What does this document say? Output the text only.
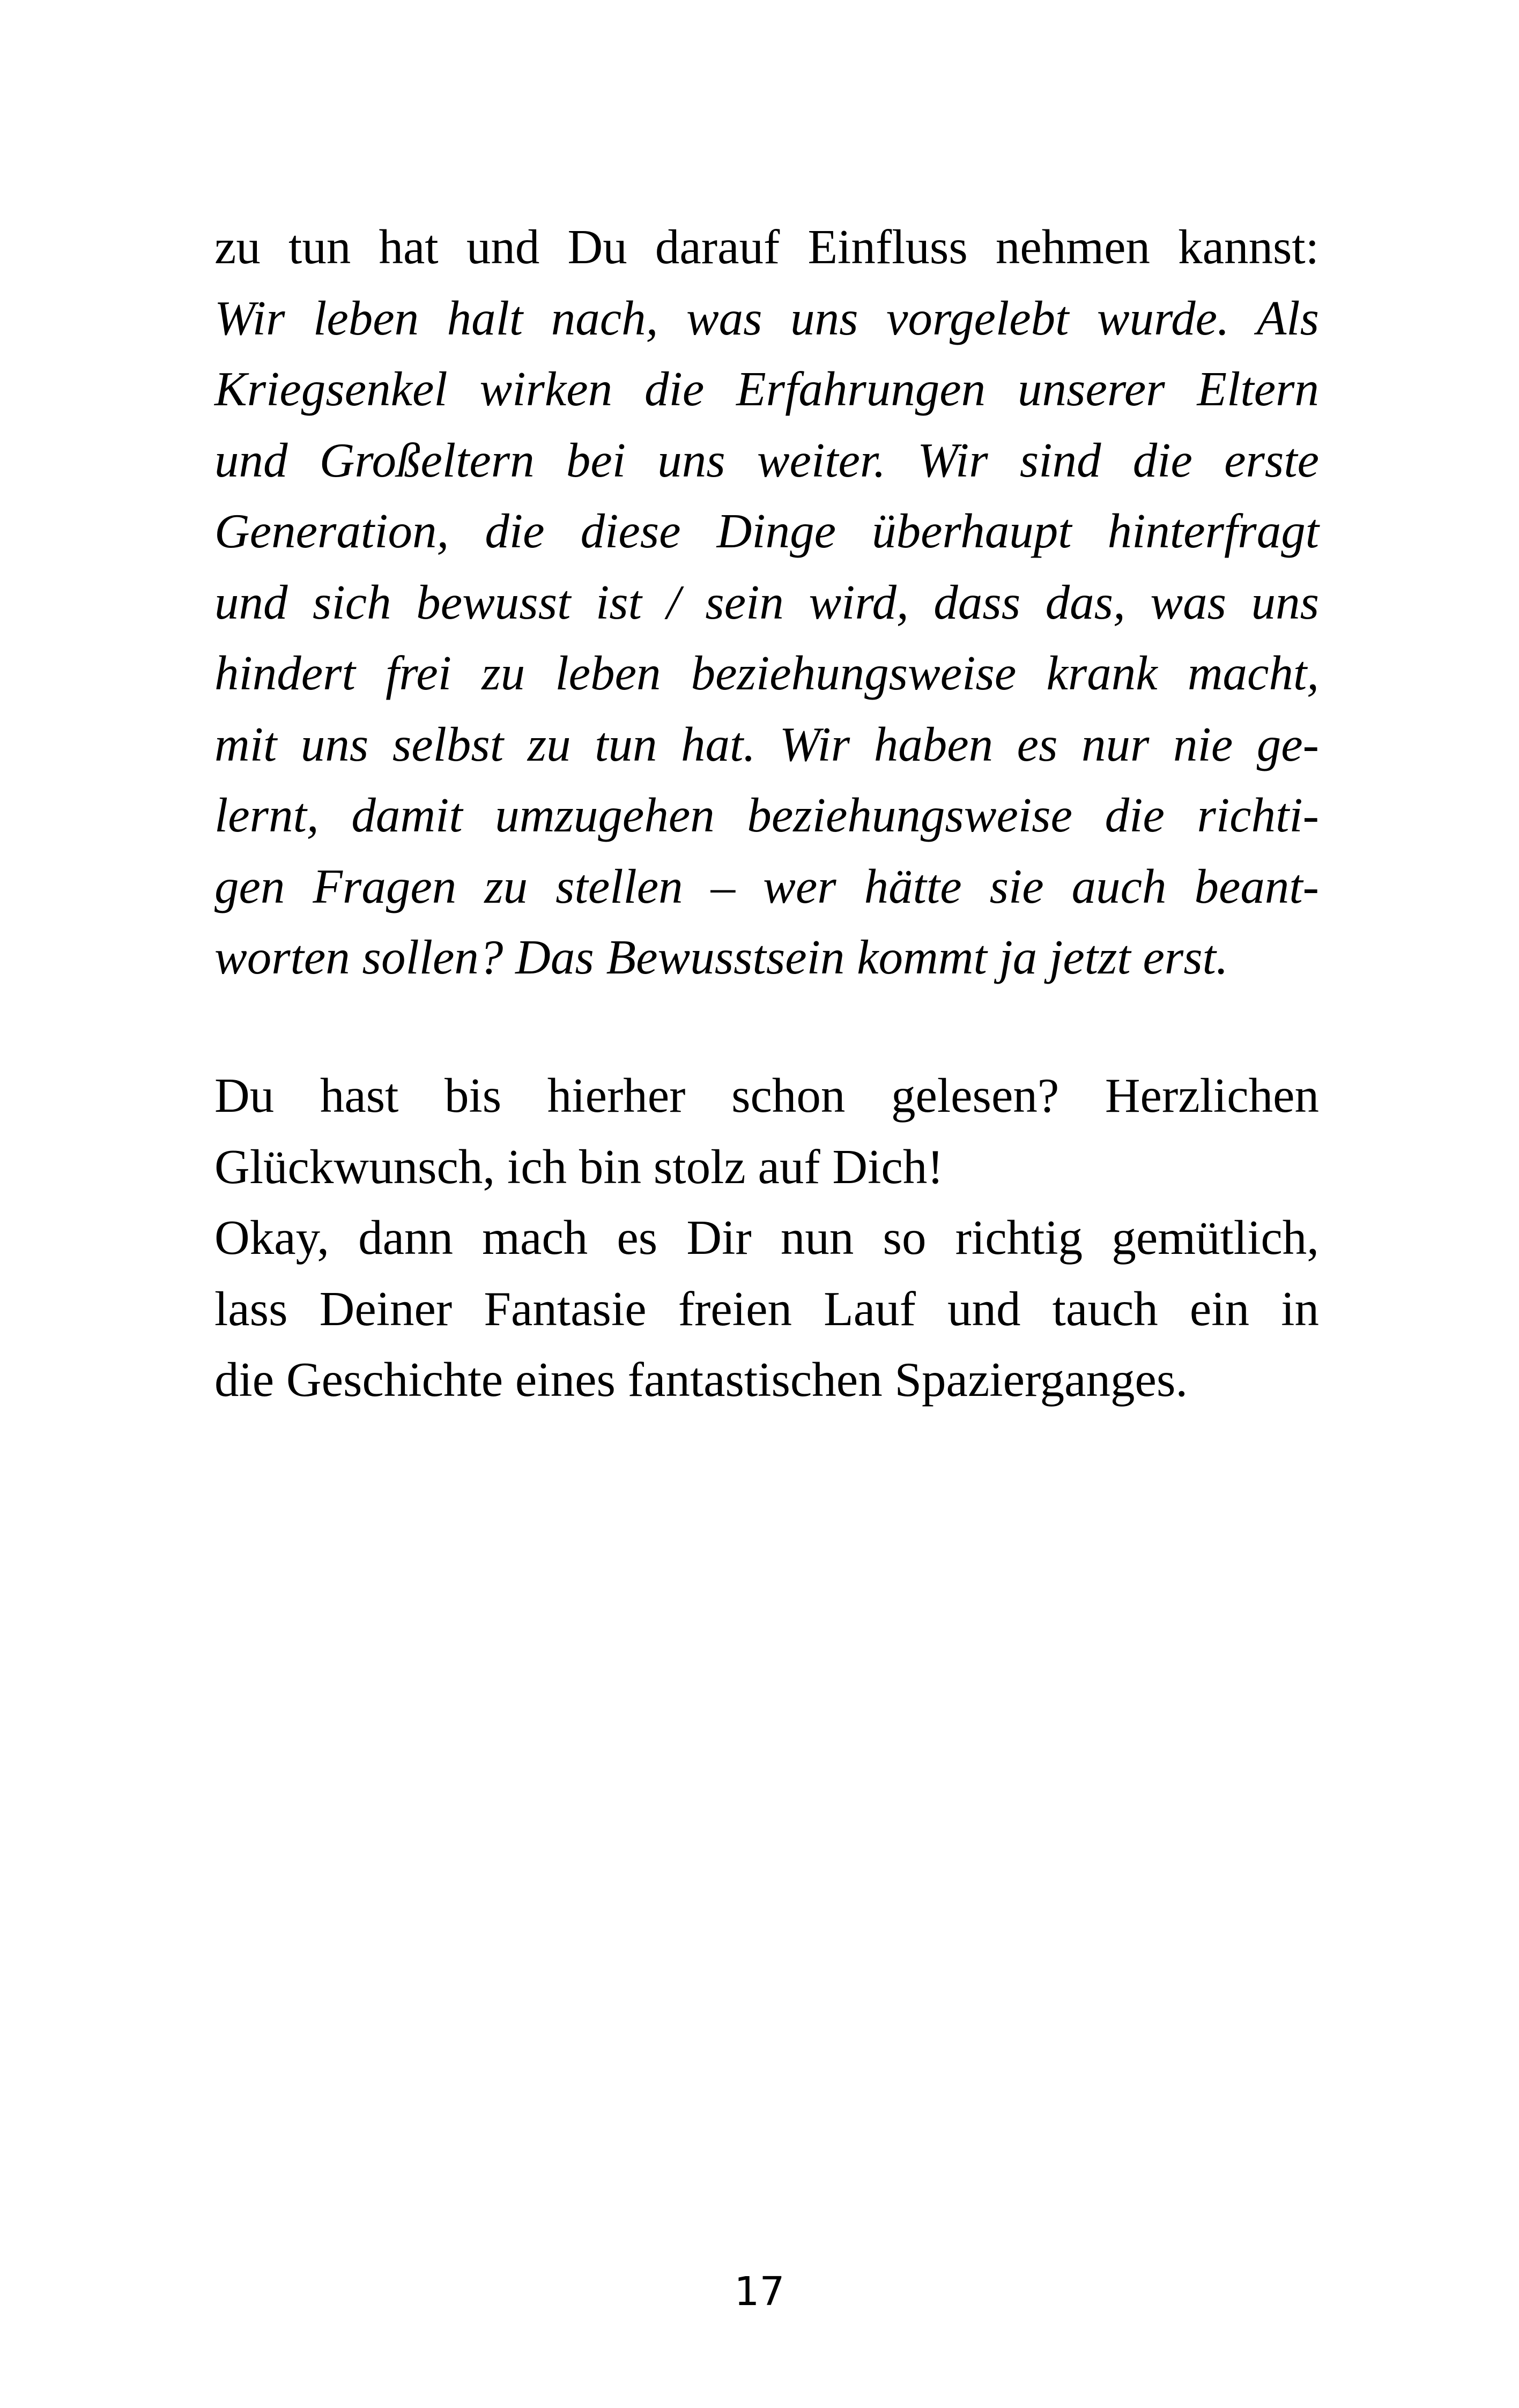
zu tun hat und Du darauf Einfluss nehmen kannst:
Wir leben halt nach, was uns vorgelebt wurde. Als
Kriegsenkel wirken die Erfahrungen unserer Eltern
und Großeltern bei uns weiter. Wir sind die erste
Generation, die diese Dinge überhaupt hinterfragt
und sich bewusst ist / sein wird, dass das, was uns
hindert frei zu leben beziehungsweise krank macht,
mit uns selbst zu tun hat. Wir haben es nur nie ge-
lernt, damit umzugehen beziehungsweise die richti-
gen Fragen zu stellen – wer hätte sie auch beant-
worten sollen? Das Bewusstsein kommt ja jetzt erst.
Du hast bis hierher schon gelesen? Herzlichen
Glückwunsch, ich bin stolz auf Dich!
Okay, dann mach es Dir nun so richtig gemütlich,
lass Deiner Fantasie freien Lauf und tauch ein in
die Geschichte eines fantastischen Spazierganges.
17
